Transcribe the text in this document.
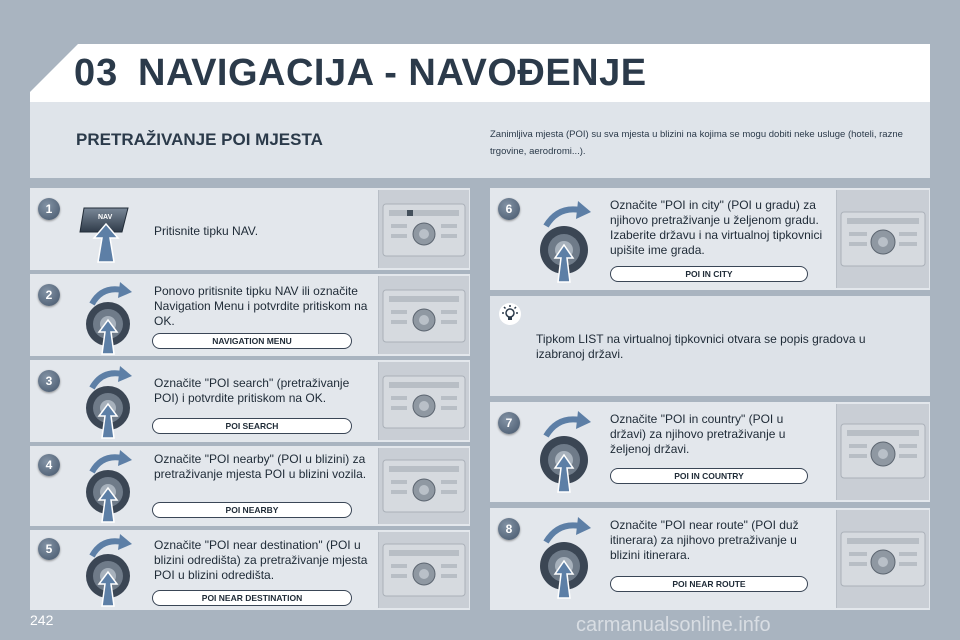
03 NAVIGACIJA - NAVOĐENJE
PRETRAŽIVANJE POI MJESTA	Zanimljiva mjesta (POI) su sva mjesta u blizini na kojima se mogu dobiti neke usluge (hoteli, razne trgovine, aerodromi...).
1
NAV
Pritisnite tipku NAV.
2	Ponovo pritisnite tipku NAV ili označite Navigation Menu i potvrdite pritiskom na OK.
NAVIGATION MENU
3	Označite "POI search" (pretraživanje POI) i potvrdite pritiskom na OK.
POI SEARCH
4	Označite "POI nearby" (POI u blizini) za pretraživanje mjesta POI u blizini vozila.
POI NEARBY
5	Označite "POI near destination" (POI u blizini odredišta) za pretraživanje mjesta POI u blizini odredišta.
POI NEAR DESTINATION
6	Označite "POI in city" (POI u gradu) za njihovo pretraživanje u željenom gradu. Izaberite državu i na virtualnoj tipkovnici upišite ime grada.
POI IN CITY
Tipkom LIST na virtualnoj tipkovnici otvara se popis gradova u izabranoj državi.
7	Označite "POI in country" (POI u državi) za njihovo pretraživanje u željenoj državi.
POI IN COUNTRY
8	Označite "POI near route" (POI duž itinerara) za njihovo pretraživanje u blizini itinerara.
POI NEAR ROUTE
242	carmanualsonline.info
